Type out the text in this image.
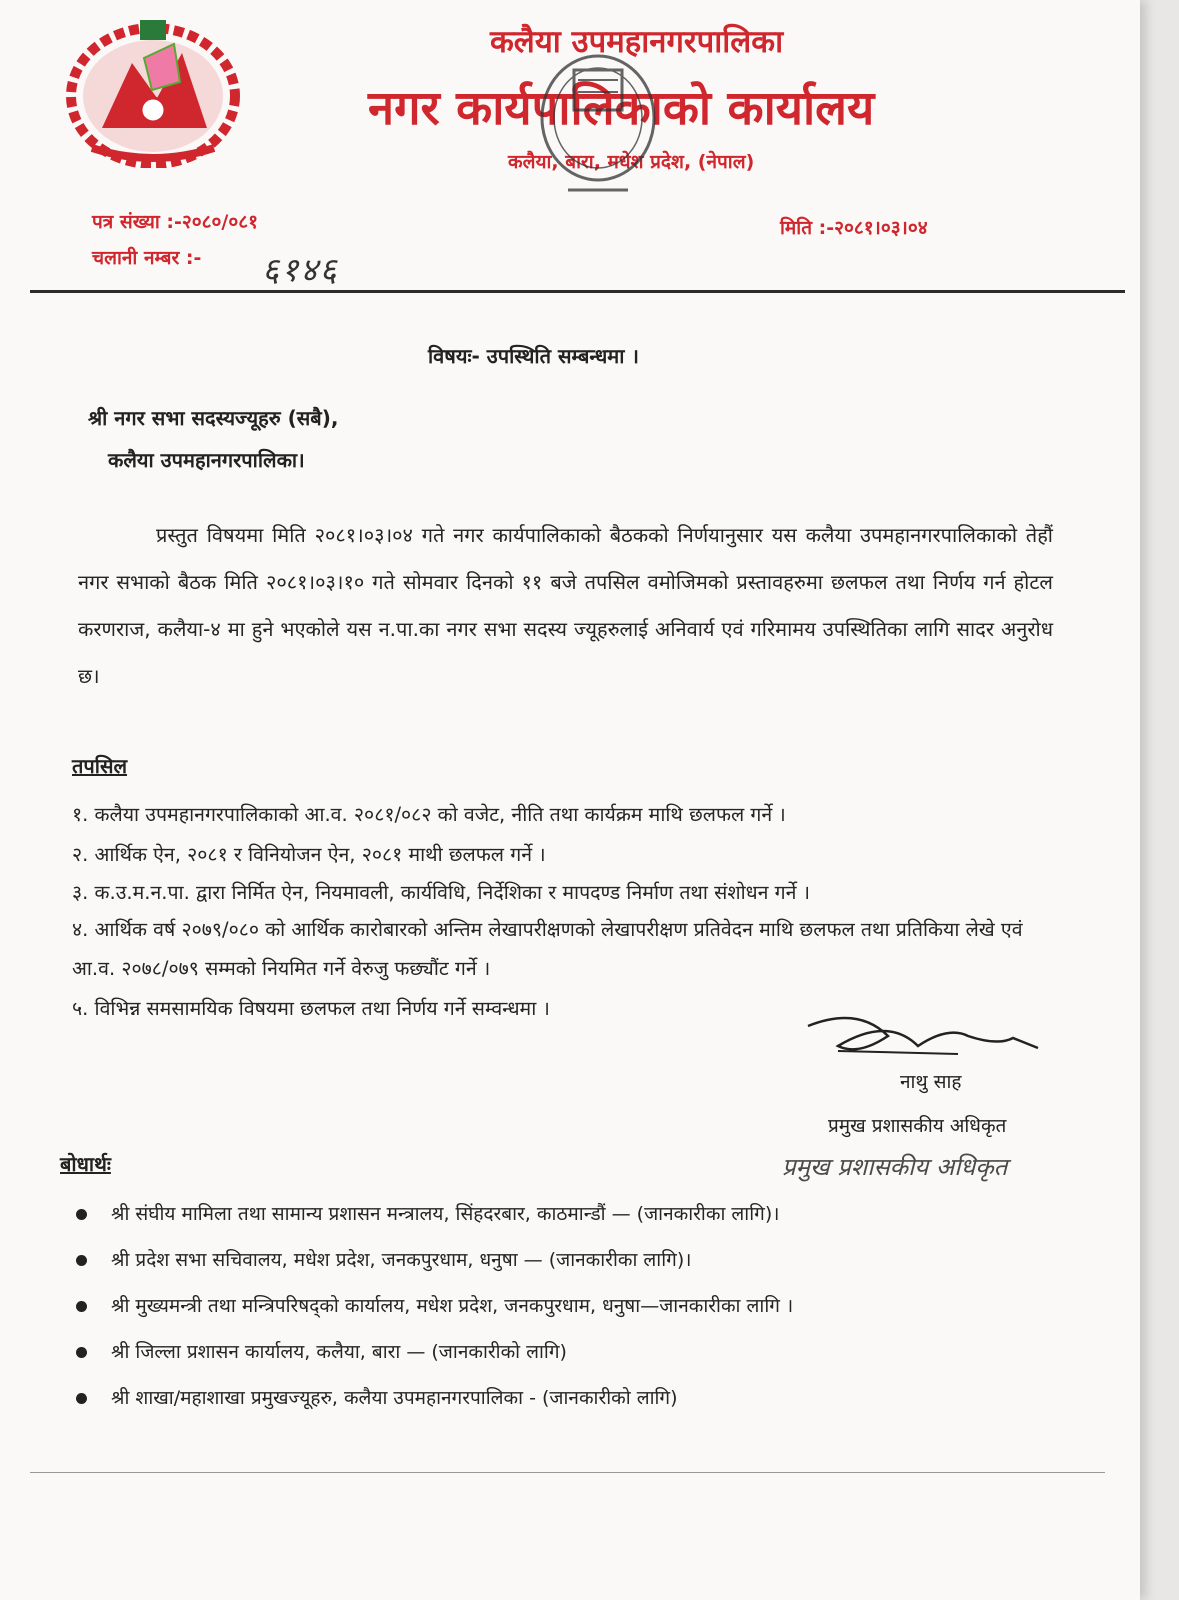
कलैया उपमहानगरपालिका
नगर कार्यपालिकाको कार्यालय
कलैया, बारा, मधेश प्रदेश, (नेपाल)
पत्र संख्या :-२०८०/०८१
चलानी नम्बर :- ६१४६
मिति :-२०८१।०३।०४
विषयः- उपस्थिति सम्बन्धमा ।
श्री नगर सभा सदस्यज्यूहरु (सबै),
कलैया उपमहानगरपालिका।
प्रस्तुत विषयमा मिति २०८१।०३।०४ गते नगर कार्यपालिकाको बैठकको निर्णयानुसार यस कलैया उपमहानगरपालिकाको तेहौं नगर सभाको बैठक मिति २०८१।०३।१० गते सोमवार दिनको ११ बजे तपसिल वमोजिमको प्रस्तावहरुमा छलफल तथा निर्णय गर्न होटल करणराज, कलैया-४ मा हुने भएकोले यस न.पा.का नगर सभा सदस्य ज्यूहरुलाई अनिवार्य एवं गरिमामय उपस्थितिका लागि सादर अनुरोध छ।
तपसिल
१. कलैया उपमहानगरपालिकाको आ.व. २०८१/०८२ को वजेट, नीति तथा कार्यक्रम माथि छलफल गर्ने ।
२. आर्थिक ऐन, २०८१ र विनियोजन ऐन, २०८१ माथी छलफल गर्ने ।
३. क.उ.म.न.पा. द्वारा निर्मित ऐन, नियमावली, कार्यविधि, निर्देशिका र मापदण्ड निर्माण तथा संशोधन गर्ने ।
४. आर्थिक वर्ष २०७९/०८० को आर्थिक कारोबारको अन्तिम लेखापरीक्षणको लेखापरीक्षण प्रतिवेदन माथि छलफल तथा प्रतिकिया लेखे एवं आ.व. २०७८/०७९ सम्मको नियमित गर्ने वेरुजु फछ्यौंट गर्ने ।
५. विभिन्न समसामयिक विषयमा छलफल तथा निर्णय गर्ने सम्वन्धमा ।
नाथु साह
प्रमुख प्रशासकीय अधिकृत
प्रमुख प्रशासकीय अधिकृत
बोधार्थः
श्री संघीय मामिला तथा सामान्य प्रशासन मन्त्रालय, सिंहदरबार, काठमान्डौं — (जानकारीका लागि)।
श्री प्रदेश सभा सचिवालय, मधेश प्रदेश, जनकपुरधाम, धनुषा — (जानकारीका लागि)।
श्री मुख्यमन्त्री तथा मन्त्रिपरिषद्को कार्यालय, मधेश प्रदेश, जनकपुरधाम, धनुषा—जानकारीका लागि ।
श्री जिल्ला प्रशासन कार्यालय, कलैया, बारा — (जानकारीको लागि)
श्री शाखा/महाशाखा प्रमुखज्यूहरु, कलैया उपमहानगरपालिका - (जानकारीको लागि)
